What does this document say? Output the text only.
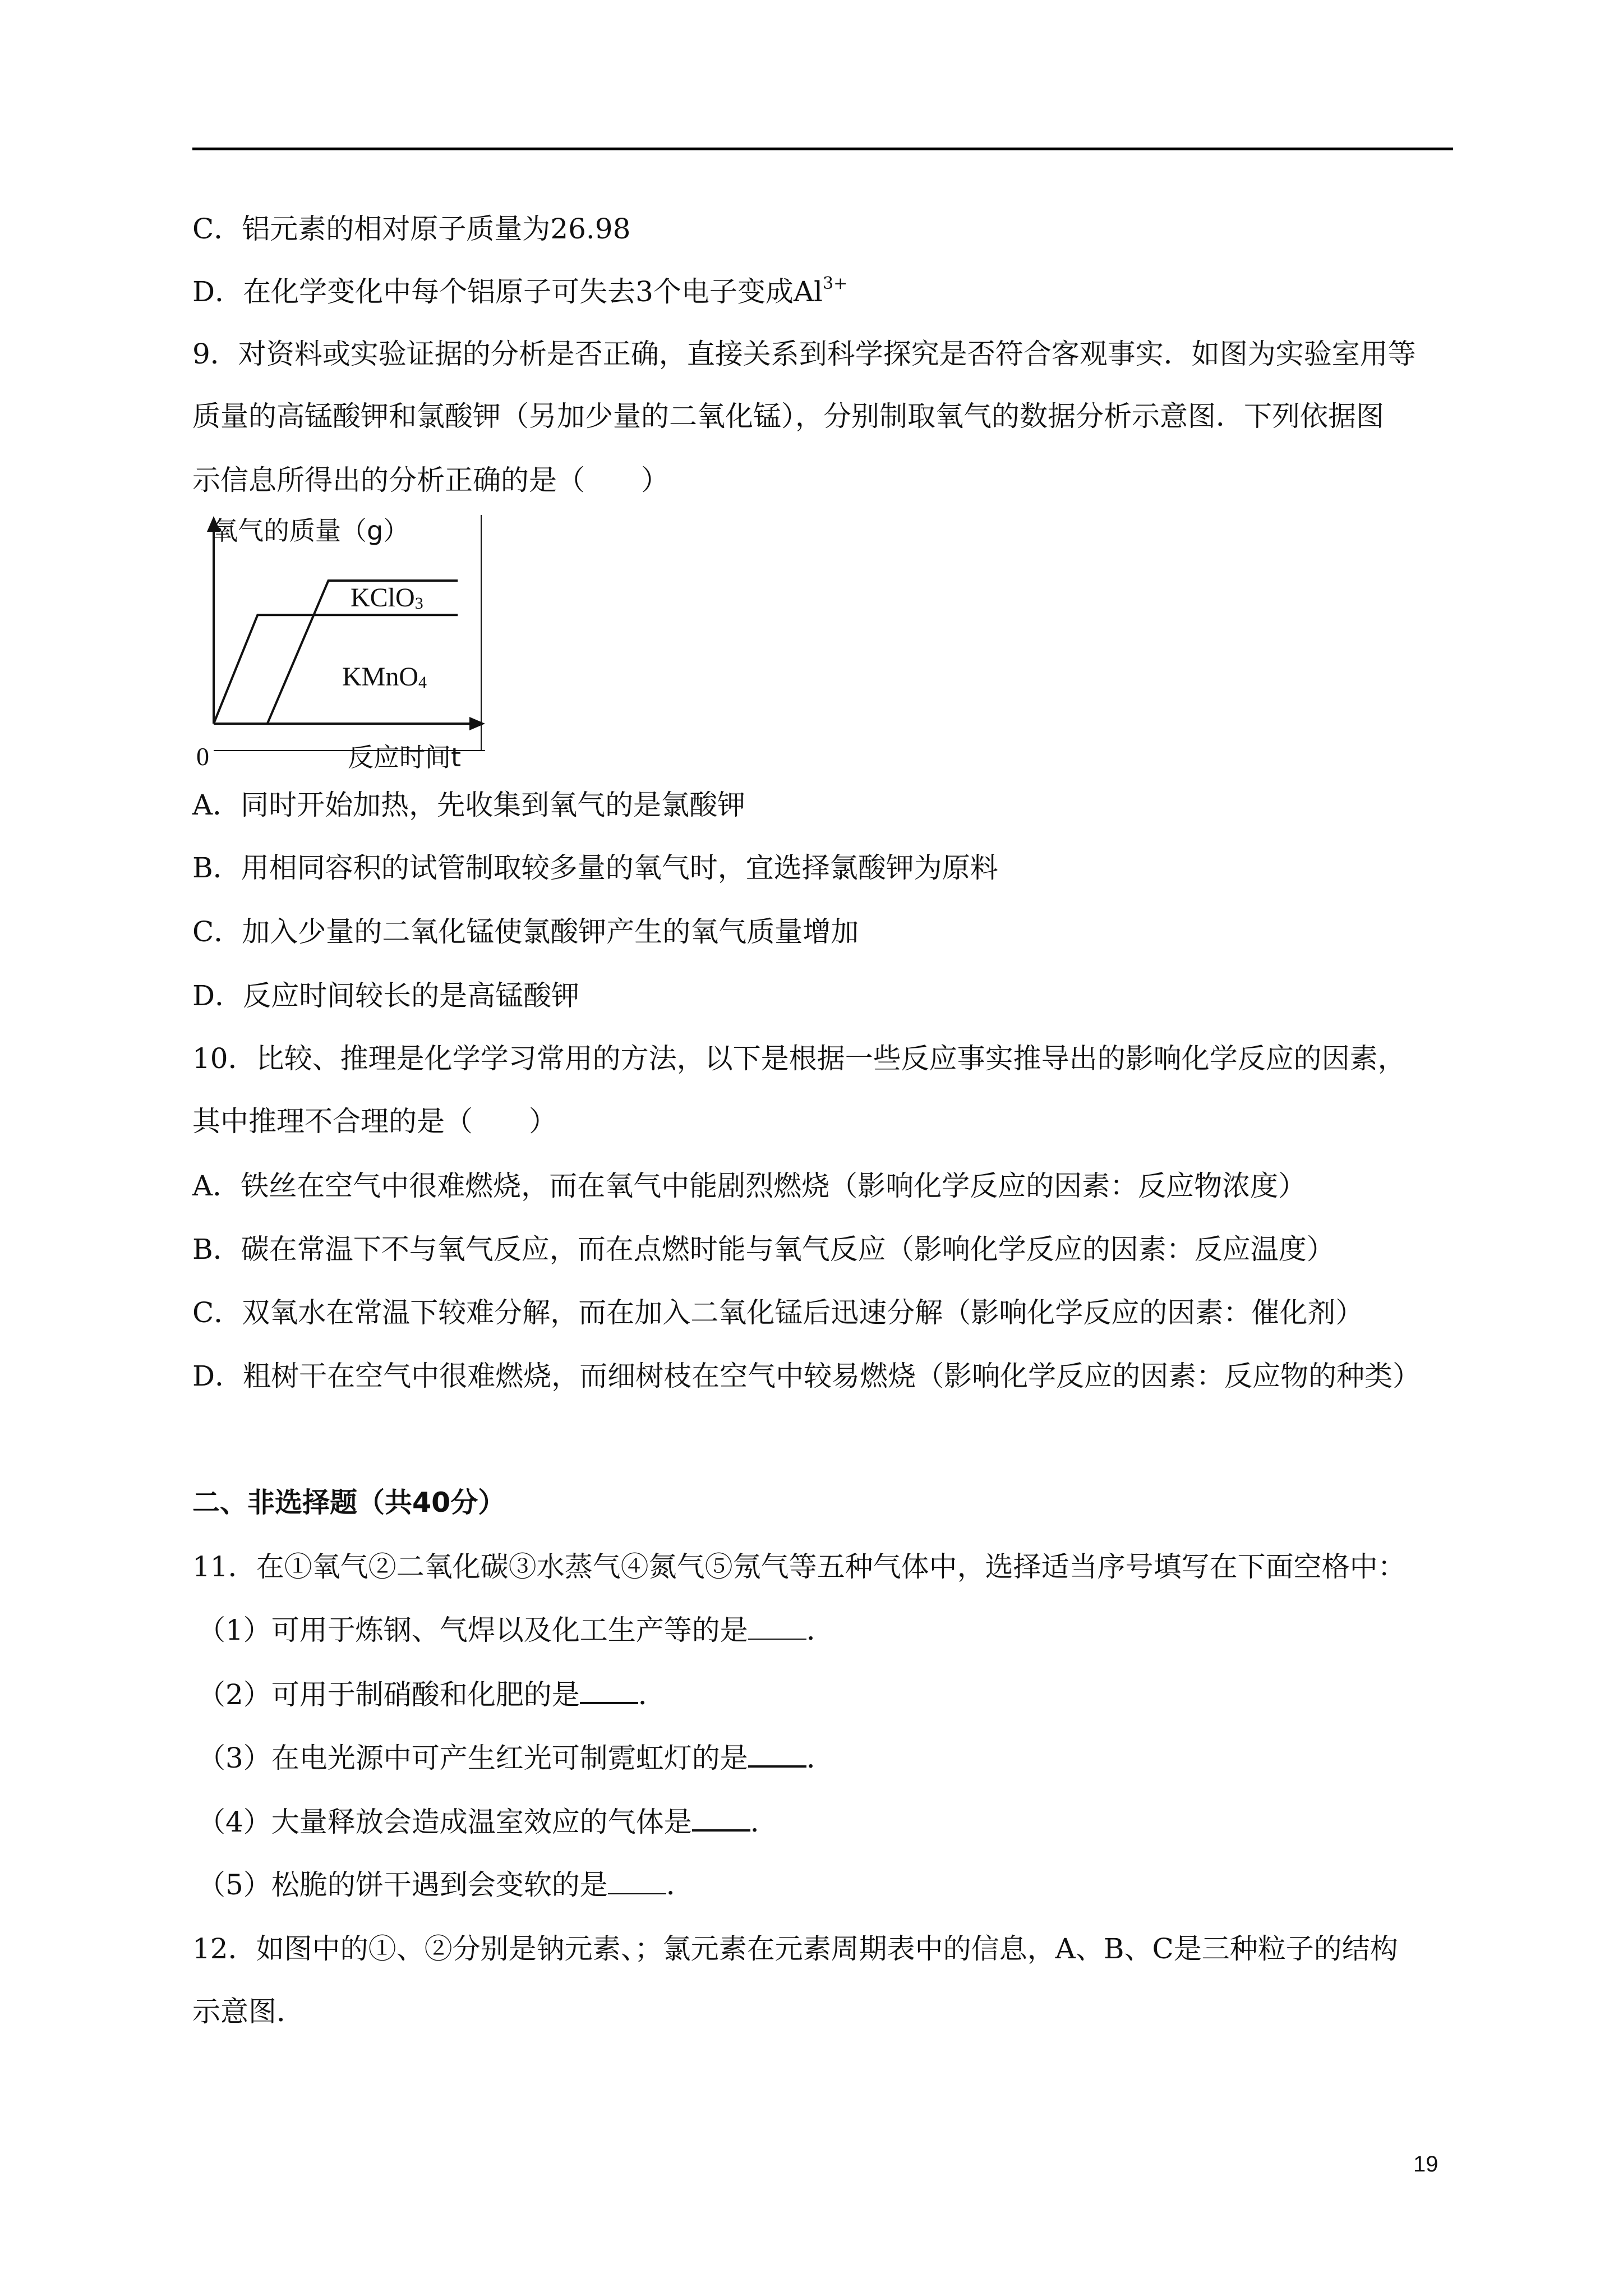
C．铝元素的相对原子质量为26.98
D．在化学变化中每个铝原子可失去3个电子变成$Al^{3+}$
9．对资料或实验证据的分析是否正确，直接关系到科学探究是否符合客观事实．如图为实验室用等
质量的高锰酸钾和氯酸钾（另加少量的二氧化锰），分别制取氧气的数据分析示意图．下列依据图
示信息所得出的分析正确的是（　　）
氧气的质量（g）
KClO$_3$
KMnO$_4$
0	反应时间t
A．同时开始加热，先收集到氧气的是氯酸钾
B．用相同容积的试管制取较多量的氧气时，宜选择氯酸钾为原料
C．加入少量的二氧化锰使氯酸钾产生的氧气质量增加
D．反应时间较长的是高锰酸钾
10．比较、推理是化学学习常用的方法，以下是根据一些反应事实推导出的影响化学反应的因素，
其中推理不合理的是（　　）
A．铁丝在空气中很难燃烧，而在氧气中能剧烈燃烧（影响化学反应的因素：反应物浓度）
B．碳在常温下不与氧气反应，而在点燃时能与氧气反应（影响化学反应的因素：反应温度）
C．双氧水在常温下较难分解，而在加入二氧化锰后迅速分解（影响化学反应的因素：催化剂）
D．粗树干在空气中很难燃烧，而细树枝在空气中较易燃烧（影响化学反应的因素：反应物的种类）
二、非选择题（共40分）
11．在①氧气②二氧化碳③水蒸气④氮气⑤氖气等五种气体中，选择适当序号填写在下面空格中：
（1）可用于炼钢、气焊以及化工生产等的是 ．
（2）可用于制硝酸和化肥的是 ．
（3）在电光源中可产生红光可制霓虹灯的是 ．
（4）大量释放会造成温室效应的气体是 ．
（5）松脆的饼干遇到会变软的是 ．
12．如图中的①、②分别是钠元素、；氯元素在元素周期表中的信息，A、B、C是三种粒子的结构
示意图．
19
